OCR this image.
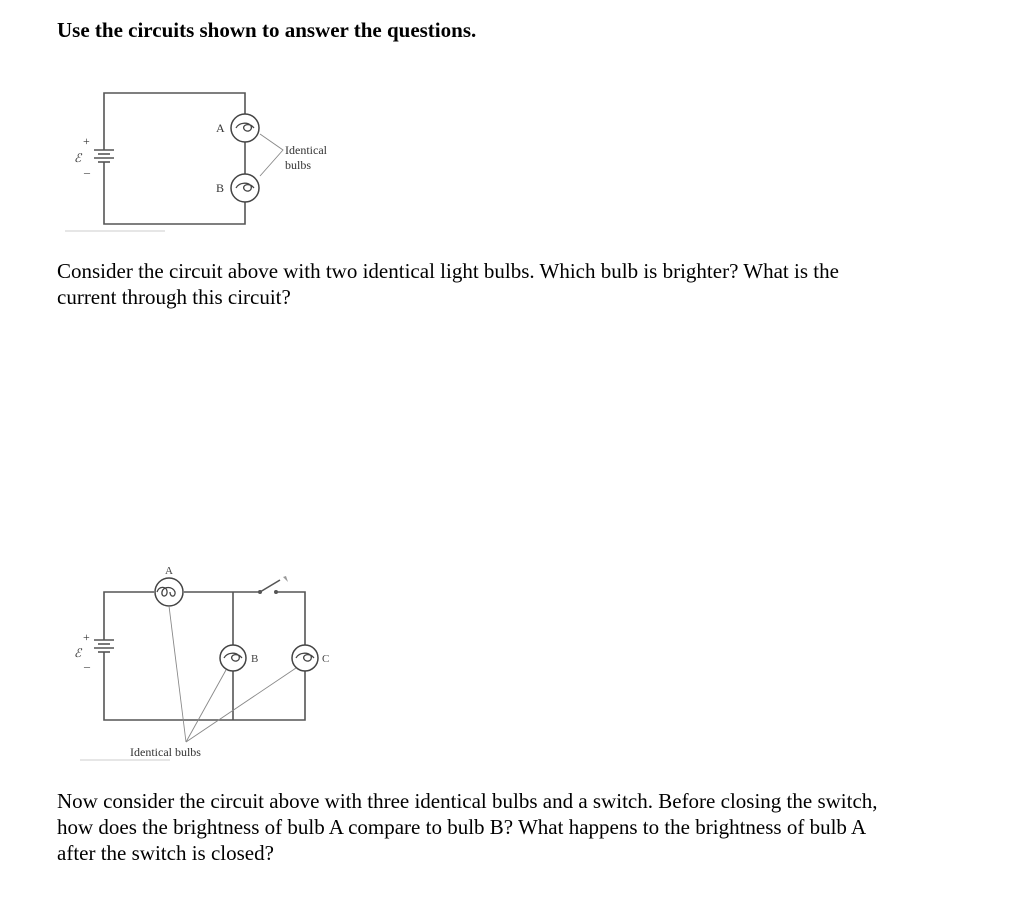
Use the circuits shown to answer the questions.
+
ℰ
–
A
B
Identical
bulbs

Consider the circuit above with two identical light bulbs. Which bulb is brighter? What is the current through this circuit?

+
ℰ
–
A
B	C
Identical bulbs

Now consider the circuit above with three identical bulbs and a switch. Before closing the switch, how does the brightness of bulb A compare to bulb B? What happens to the brightness of bulb A after the switch is closed?
